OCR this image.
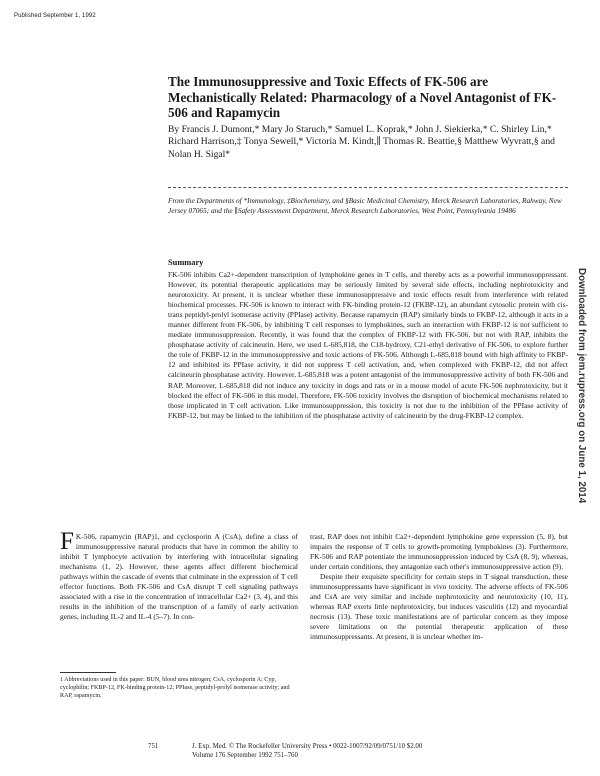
Published September 1, 1992
The Immunosuppressive and Toxic Effects of FK-506 are Mechanistically Related: Pharmacology of a Novel Antagonist of FK-506 and Rapamycin
By Francis J. Dumont,* Mary Jo Staruch,* Samuel L. Koprak,* John J. Siekierka,* C. Shirley Lin,* Richard Harrison,‡ Tonya Sewell,* Victoria M. Kindt,∥ Thomas R. Beattie,§ Matthew Wyvratt,§ and Nolan H. Sigal*
From the Departments of *Immunology, ‡Biochemistry, and §Basic Medicinal Chemistry, Merck Research Laboratories, Rahway, New Jersey 07065; and the ∥Safety Assessment Department, Merck Research Laboratories, West Point, Pennsylvania 19486
Summary

FK-506 inhibits Ca2+-dependent transcription of lymphokine genes in T cells, and thereby acts as a powerful immunosuppressant. However, its potential therapeutic applications may be seriously limited by several side effects, including nephrotoxicity and neurotoxicity. At present, it is unclear whether these immunosuppressive and toxic effects result from interference with related biochemical processes. FK-506 is known to interact with FK-binding protein-12 (FKBP-12), an abundant cytosolic protein with cis-trans peptidyl-prolyl isomerase activity (PPIase) activity. Because rapamycin (RAP) similarly binds to FKBP-12, although it acts in a manner different from FK-506, by inhibiting T cell responses to lymphokines, such an interaction with FKBP-12 is not sufficient to mediate immunosuppression. Recently, it was found that the complex of FKBP-12 with FK-506, but not with RAP, inhibits the phosphatase activity of calcineurin. Here, we used L-685,818, the C18-hydroxy, C21-ethyl derivative of FK-506, to explore further the role of FKBP-12 in the immunosuppressive and toxic actions of FK-506. Although L-685,818 bound with high affinity to FKBP-12 and inhibited its PPIase activity, it did not suppress T cell activation, and, when complexed with FKBP-12, did not affect calcineurin phosphatase activity. However, L-685,818 was a potent antagonist of the immunosuppressive activity of both FK-506 and RAP. Moreover, L-685,818 did not induce any toxicity in dogs and rats or in a mouse model of acute FK-506 nephrotoxicity, but it blocked the effect of FK-506 in this model. Therefore, FK-506 toxicity involves the disruption of biochemical mechanisms related to those implicated in T cell activation. Like immunosuppression, this toxicity is not due to the inhibition of the PPIase activity of FKBP-12, but may be linked to the inhibition of the phosphatase activity of calcineurin by the drug-FKBP-12 complex.

FK-506, rapamycin (RAP)1, and cyclosporin A (CsA), define a class of immunosuppressive natural products that have in common the ability to inhibit T lymphocyte activation by interfering with intracellular signaling mechanisms (1, 2). However, these agents affect different biochemical pathways within the cascade of events that culminate in the expression of T cell effector functions. Both FK-506 and CsA disrupt T cell signaling pathways associated with a rise in the concentration of intracellular Ca2+ (3, 4), and this results in the inhibition of the transcription of a family of early activation genes, including IL-2 and IL-4 (5–7). In con-

1 Abbreviations used in this paper: BUN, blood urea nitrogen; CsA, cyclosporin A; Cyp, cyclophilin; FKBP-12, FK-binding protein-12; PPIase, peptidyl-prolyl isomerase activity; and RAP, rapamycin.

trast, RAP does not inhibit Ca2+-dependent lymphokine gene expression (5, 8), but impairs the response of T cells to growth-promoting lymphokines (3). Furthermore, FK-506 and RAP potentiate the immunosuppression induced by CsA (8, 9), whereas, under certain conditions, they antagonize each other's immunosuppressive action (9).

Despite their exquisite specificity for certain steps in T signal transduction, these immunosuppressants have significant in vivo toxicity. The adverse effects of FK-506 and CsA are very similar and include nephrotoxicity and neurotoxicity (10, 11), whereas RAP exerts little nephrotoxicity, but induces vasculitis (12) and myocardial necrosis (13). These toxic manifestations are of particular concern as they impose severe limitations on the potential therapeutic application of these immunosuppressants. At present, it is unclear whether im-

751	J. Exp. Med. © The Rockefeller University Press • 0022-1007/92/09/0751/10 $2.00
Volume 176 September 1992 751–760
Downloaded from jem.rupress.org on June 1, 2014
